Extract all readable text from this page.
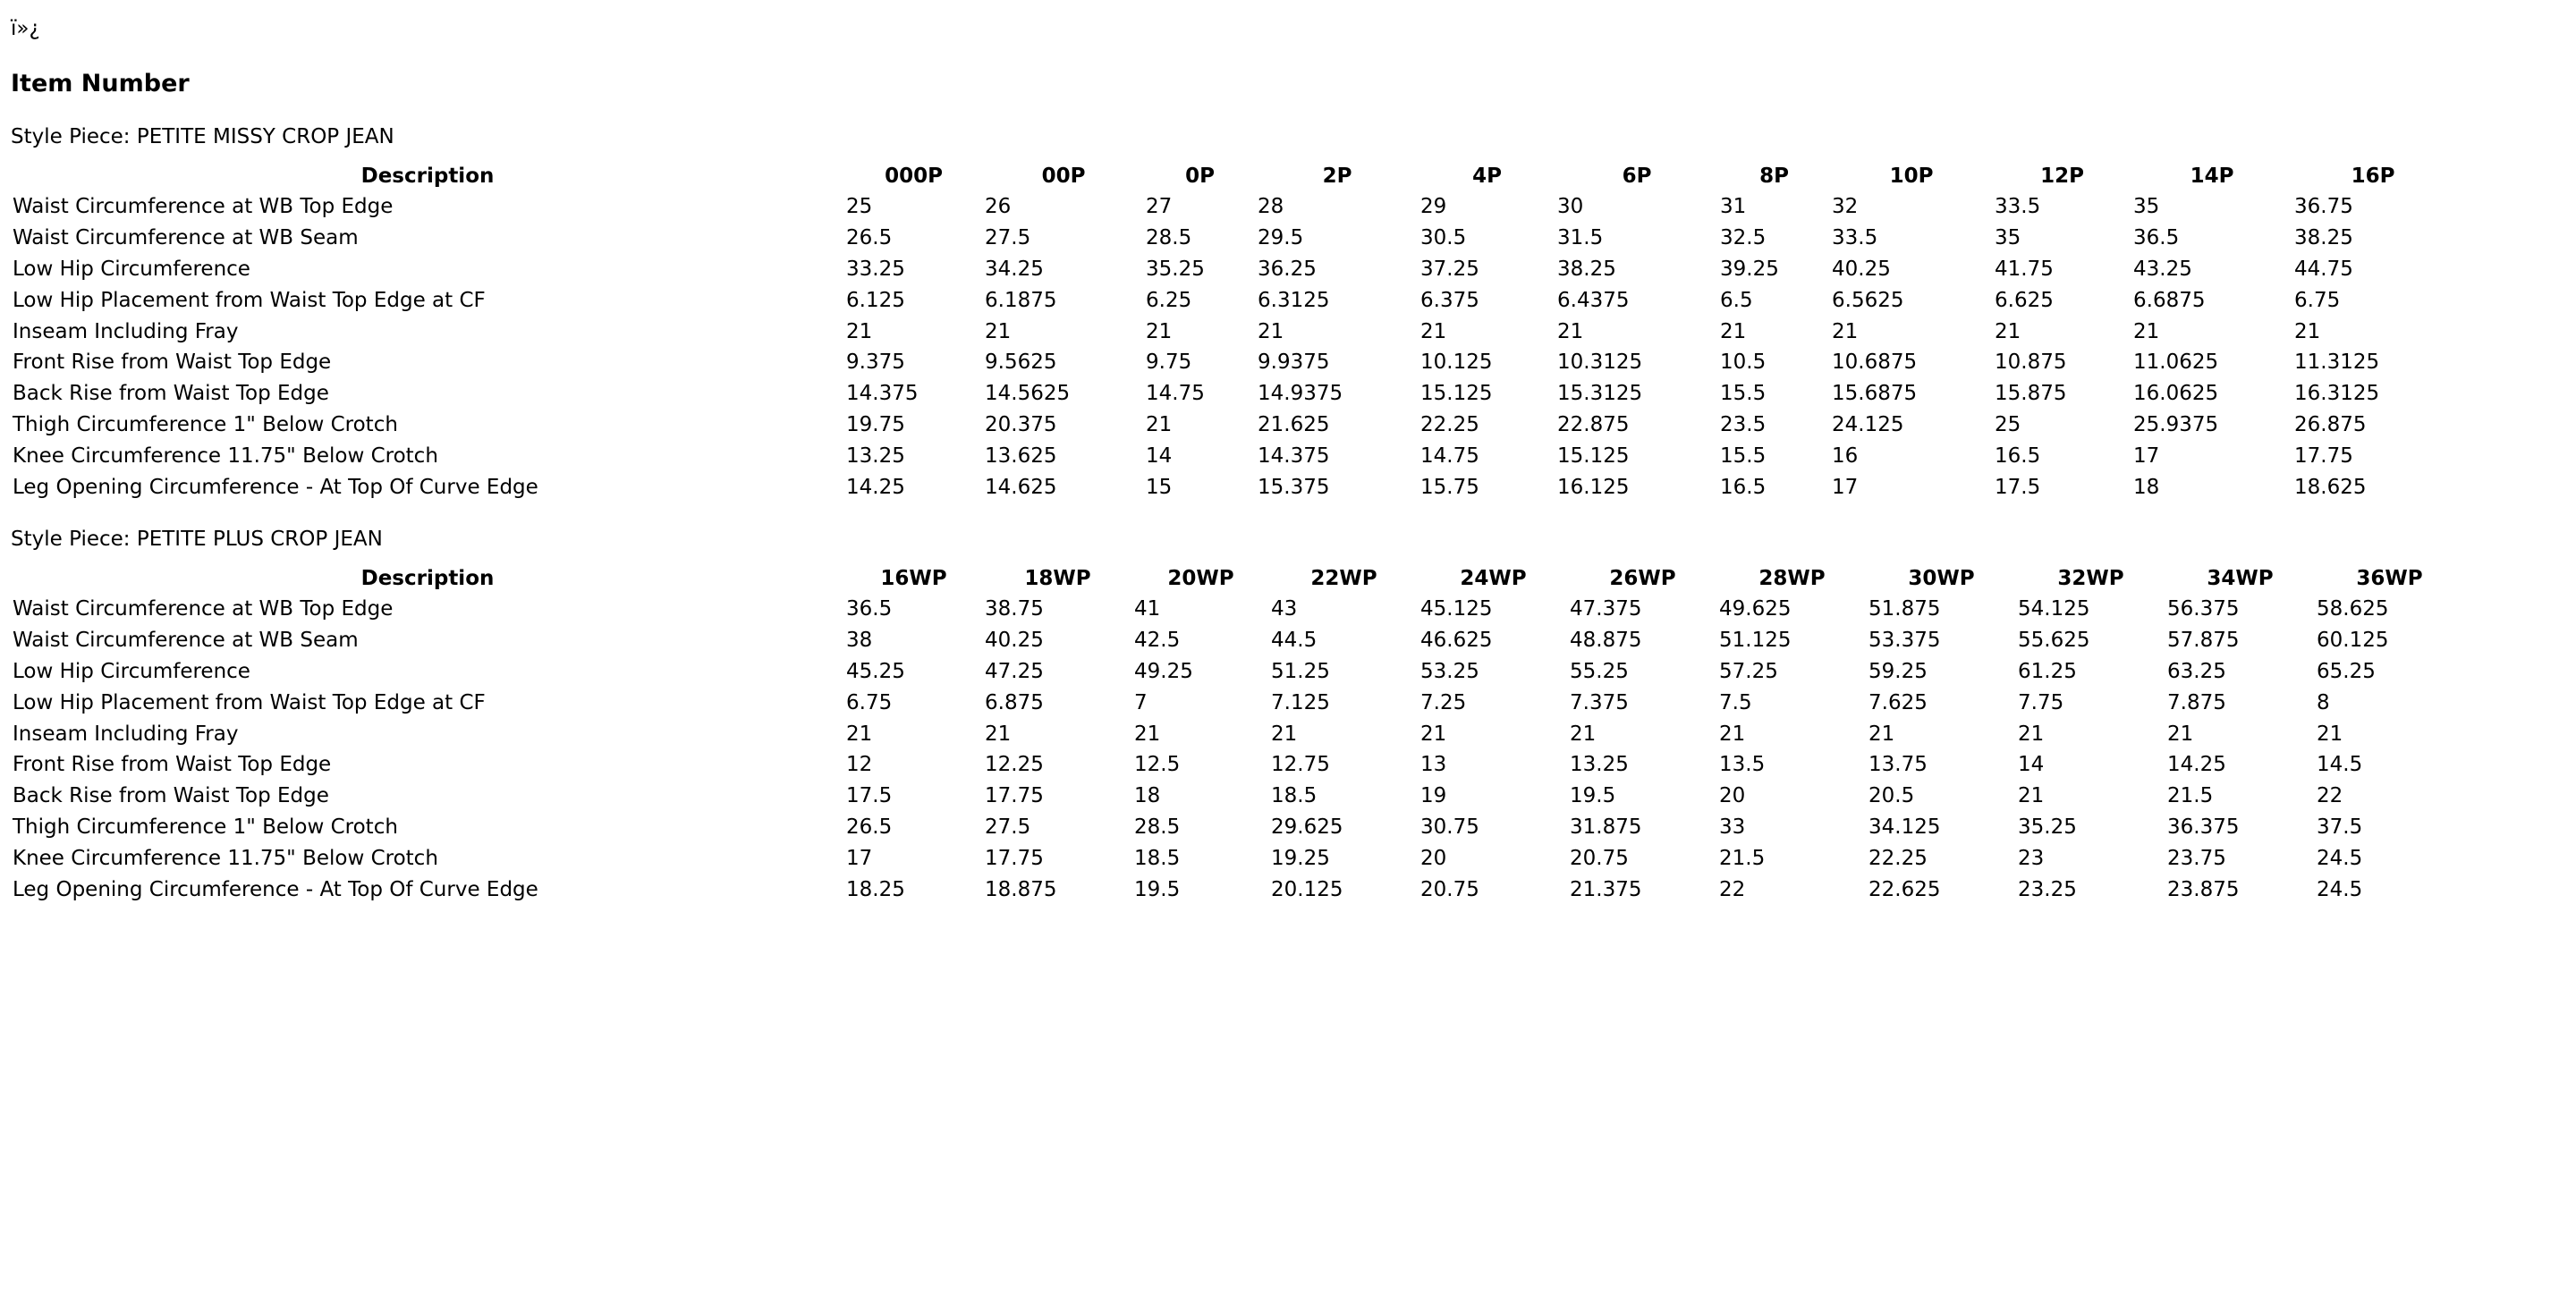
ï»¿

Item Number

Style Piece: PETITE MISSY CROP JEAN

Description	000P	00P	0P	2P	4P	6P	8P	10P	12P	14P	16P
Waist Circumference at WB Top Edge	25	26	27	28	29	30	31	32	33.5	35	36.75
Waist Circumference at WB Seam	26.5	27.5	28.5	29.5	30.5	31.5	32.5	33.5	35	36.5	38.25
Low Hip Circumference	33.25	34.25	35.25	36.25	37.25	38.25	39.25	40.25	41.75	43.25	44.75
Low Hip Placement from Waist Top Edge at CF	6.125	6.1875	6.25	6.3125	6.375	6.4375	6.5	6.5625	6.625	6.6875	6.75
Inseam Including Fray	21	21	21	21	21	21	21	21	21	21	21
Front Rise from Waist Top Edge	9.375	9.5625	9.75	9.9375	10.125	10.3125	10.5	10.6875	10.875	11.0625	11.3125
Back Rise from Waist Top Edge	14.375	14.5625	14.75	14.9375	15.125	15.3125	15.5	15.6875	15.875	16.0625	16.3125
Thigh Circumference 1" Below Crotch	19.75	20.375	21	21.625	22.25	22.875	23.5	24.125	25	25.9375	26.875
Knee Circumference 11.75" Below Crotch	13.25	13.625	14	14.375	14.75	15.125	15.5	16	16.5	17	17.75
Leg Opening Circumference - At Top Of Curve Edge	14.25	14.625	15	15.375	15.75	16.125	16.5	17	17.5	18	18.625

Style Piece: PETITE PLUS CROP JEAN

Description	16WP	18WP	20WP	22WP	24WP	26WP	28WP	30WP	32WP	34WP	36WP
Waist Circumference at WB Top Edge	36.5	38.75	41	43	45.125	47.375	49.625	51.875	54.125	56.375	58.625
Waist Circumference at WB Seam	38	40.25	42.5	44.5	46.625	48.875	51.125	53.375	55.625	57.875	60.125
Low Hip Circumference	45.25	47.25	49.25	51.25	53.25	55.25	57.25	59.25	61.25	63.25	65.25
Low Hip Placement from Waist Top Edge at CF	6.75	6.875	7	7.125	7.25	7.375	7.5	7.625	7.75	7.875	8
Inseam Including Fray	21	21	21	21	21	21	21	21	21	21	21
Front Rise from Waist Top Edge	12	12.25	12.5	12.75	13	13.25	13.5	13.75	14	14.25	14.5
Back Rise from Waist Top Edge	17.5	17.75	18	18.5	19	19.5	20	20.5	21	21.5	22
Thigh Circumference 1" Below Crotch	26.5	27.5	28.5	29.625	30.75	31.875	33	34.125	35.25	36.375	37.5
Knee Circumference 11.75" Below Crotch	17	17.75	18.5	19.25	20	20.75	21.5	22.25	23	23.75	24.5
Leg Opening Circumference - At Top Of Curve Edge	18.25	18.875	19.5	20.125	20.75	21.375	22	22.625	23.25	23.875	24.5
